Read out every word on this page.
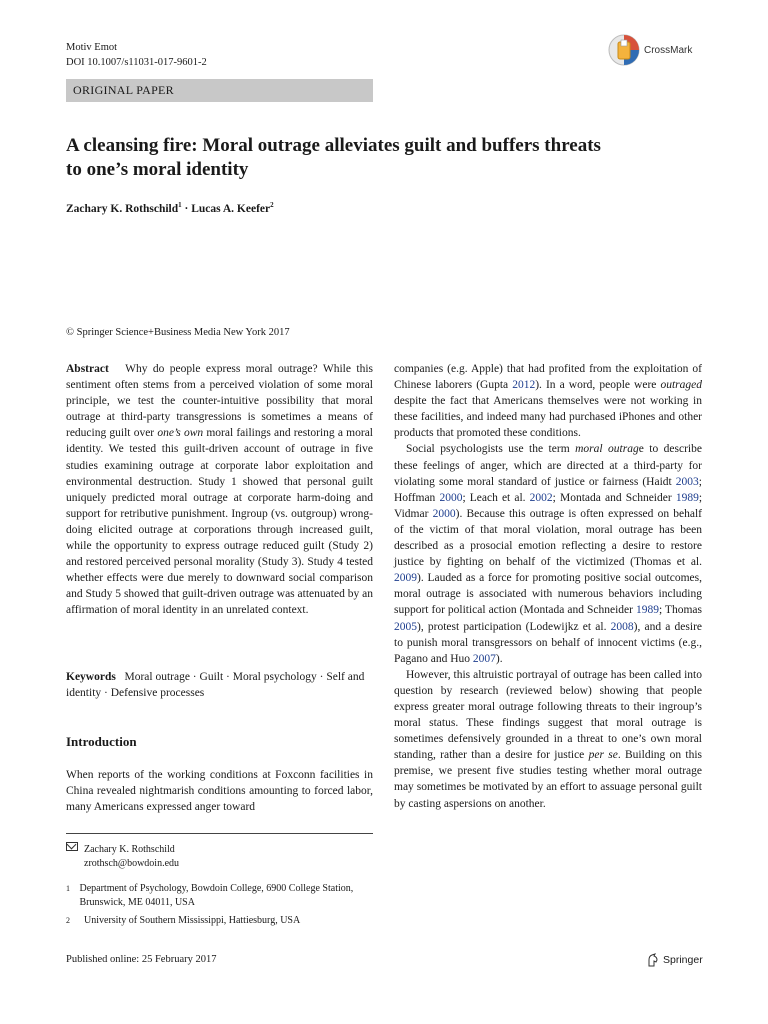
Motiv Emot
DOI 10.1007/s11031-017-9601-2
CrossMark
ORIGINAL PAPER
A cleansing fire: Moral outrage alleviates guilt and buffers threats
to one’s moral identity
Zachary K. Rothschild$^1$ · Lucas A. Keefer$^2$
© Springer Science+Business Media New York 2017

Abstract Why do people express moral outrage? While this sentiment often stems from a perceived violation of some moral principle, we test the counter-intuitive possibility that moral outrage at third-party transgressions is sometimes a means of reducing guilt over one’s own moral failings and restoring a moral identity. We tested this guilt-driven account of outrage in five studies examining outrage at corporate labor exploitation and environmental destruction. Study 1 showed that personal guilt uniquely predicted moral outrage at corporate harm-doing and support for retributive punishment. Ingroup (vs. outgroup) wrong-doing elicited outrage at corporations through increased guilt, while the opportunity to express outrage reduced guilt (Study 2) and restored perceived personal morality (Study 3). Study 4 tested whether effects were due merely to downward social comparison and Study 5 showed that guilt-driven outrage was attenuated by an affirmation of moral identity in an unrelated context.

Keywords Moral outrage · Guilt · Moral psychology · Self and identity · Defensive processes
Introduction
When reports of the working conditions at Foxconn facilities in China revealed nightmarish conditions amounting to forced labor, many Americans expressed anger toward
Zachary K. Rothschild
zrothsch@bowdoin.edu
1 Department of Psychology, Bowdoin College, 6900 College Station, Brunswick, ME 04011, USA
2	University of Southern Mississippi, Hattiesburg, USA

companies (e.g. Apple) that had profited from the exploitation of Chinese laborers (Gupta 2012). In a word, people were outraged despite the fact that Americans themselves were not working in these facilities, and indeed many had purchased iPhones and other products that promoted these conditions.

Social psychologists use the term moral outrage to describe these feelings of anger, which are directed at a third-party for violating some moral standard of justice or fairness (Haidt 2003; Hoffman 2000; Leach et al. 2002; Montada and Schneider 1989; Vidmar 2000). Because this outrage is often expressed on behalf of the victim of that moral violation, moral outrage has been described as a prosocial emotion reflecting a desire to restore justice by fighting on behalf of the victimized (Thomas et al. 2009). Lauded as a force for promoting positive social outcomes, moral outrage is associated with numerous behaviors including support for political action (Montada and Schneider 1989; Thomas 2005), protest participation (Lodewijkz et al. 2008), and a desire to punish moral transgressors on behalf of innocent victims (e.g., Pagano and Huo 2007).

However, this altruistic portrayal of outrage has been called into question by research (reviewed below) showing that people express greater moral outrage following threats to their ingroup’s moral status. These findings suggest that moral outrage is sometimes defensively grounded in a threat to one’s own moral standing, rather than a desire for justice per se. Building on this premise, we present five studies testing whether moral outrage may sometimes be motivated by an effort to assuage personal guilt by casting aspersions on another.

Published online: 25 February 2017	Springer
